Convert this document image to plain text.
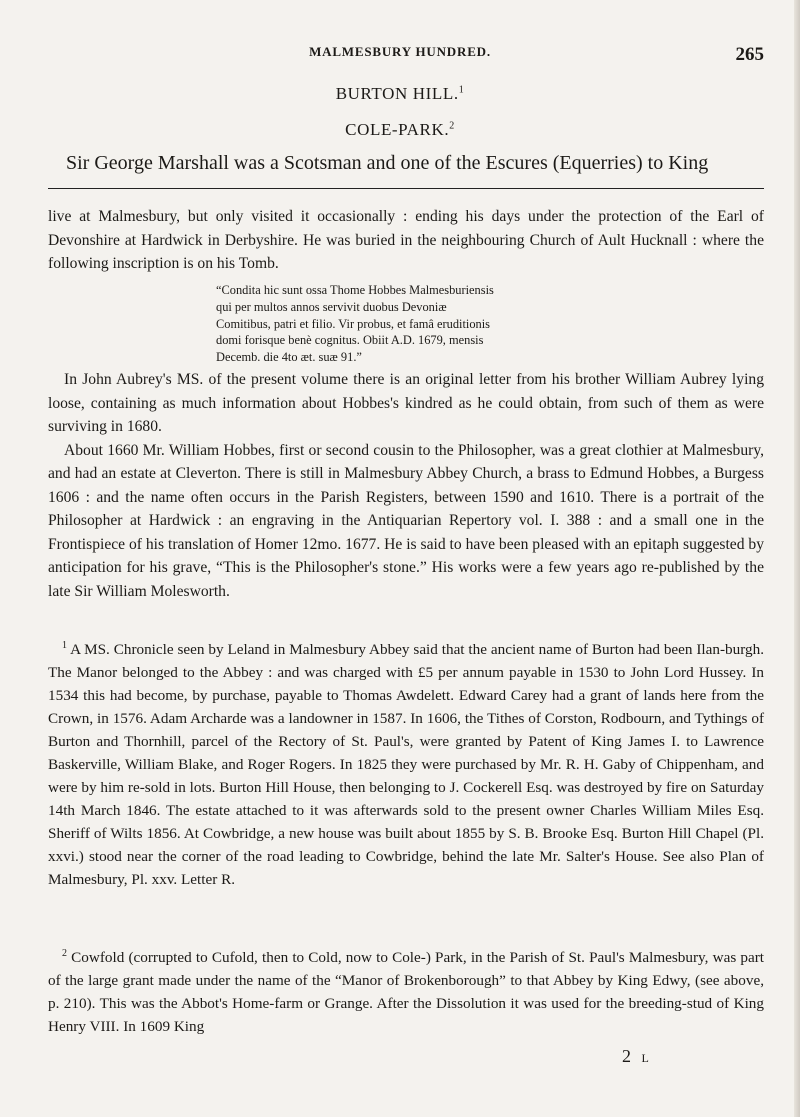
MALMESBURY HUNDRED.	265
BURTON HILL.$^1$
COLE-PARK.$^2$
Sir George Marshall was a Scotsman and one of the Escures (Equerries) to King

live at Malmesbury, but only visited it occasionally : ending his days under the protection of the Earl of Devonshire at Hardwick in Derbyshire. He was buried in the neighbouring Church of Ault Hucknall : where the following inscription is on his Tomb.

“Condita hic sunt ossa Thome Hobbes Malmesburiensis
qui per multos annos servivit duobus Devoniæ
Comitibus, patri et filio. Vir probus, et famâ eruditionis
domi forisque benè cognitus. Obiit A.D. 1679, mensis
Decemb. die 4to æt. suæ 91.”

In John Aubrey's MS. of the present volume there is an original letter from his brother William Aubrey lying loose, containing as much information about Hobbes's kindred as he could obtain, from such of them as were surviving in 1680.

About 1660 Mr. William Hobbes, first or second cousin to the Philosopher, was a great clothier at Malmesbury, and had an estate at Cleverton. There is still in Malmesbury Abbey Church, a brass to Edmund Hobbes, a Burgess 1606 : and the name often occurs in the Parish Registers, between 1590 and 1610. There is a portrait of the Philosopher at Hardwick : an engraving in the Antiquarian Repertory vol. I. 388 : and a small one in the Frontispiece of his translation of Homer 12mo. 1677. He is said to have been pleased with an epitaph suggested by anticipation for his grave, “This is the Philosopher's stone.” His works were a few years ago re-published by the late Sir William Molesworth.

$^1$ A MS. Chronicle seen by Leland in Malmesbury Abbey said that the ancient name of Burton had been Ilan-burgh. The Manor belonged to the Abbey : and was charged with £5 per annum payable in 1530 to John Lord Hussey. In 1534 this had become, by purchase, payable to Thomas Awdelett. Edward Carey had a grant of lands here from the Crown, in 1576. Adam Archarde was a landowner in 1587. In 1606, the Tithes of Corston, Rodbourn, and Tythings of Burton and Thornhill, parcel of the Rectory of St. Paul's, were granted by Patent of King James I. to Lawrence Baskerville, William Blake, and Roger Rogers. In 1825 they were purchased by Mr. R. H. Gaby of Chippenham, and were by him re-sold in lots. Burton Hill House, then belonging to J. Cockerell Esq. was destroyed by fire on Saturday 14th March 1846. The estate attached to it was afterwards sold to the present owner Charles William Miles Esq. Sheriff of Wilts 1856. At Cowbridge, a new house was built about 1855 by S. B. Brooke Esq. Burton Hill Chapel (Pl. xxvi.) stood near the corner of the road leading to Cowbridge, behind the late Mr. Salter's House. See also Plan of Malmesbury, Pl. xxv. Letter R.

$^2$ Cowfold (corrupted to Cufold, then to Cold, now to Cole-) Park, in the Parish of St. Paul's Malmesbury, was part of the large grant made under the name of the “Manor of Brokenborough” to that Abbey by King Edwy, (see above, p. 210). This was the Abbot's Home-farm or Grange. After the Dissolution it was used for the breeding-stud of King Henry VIII. In 1609 King

2 L
